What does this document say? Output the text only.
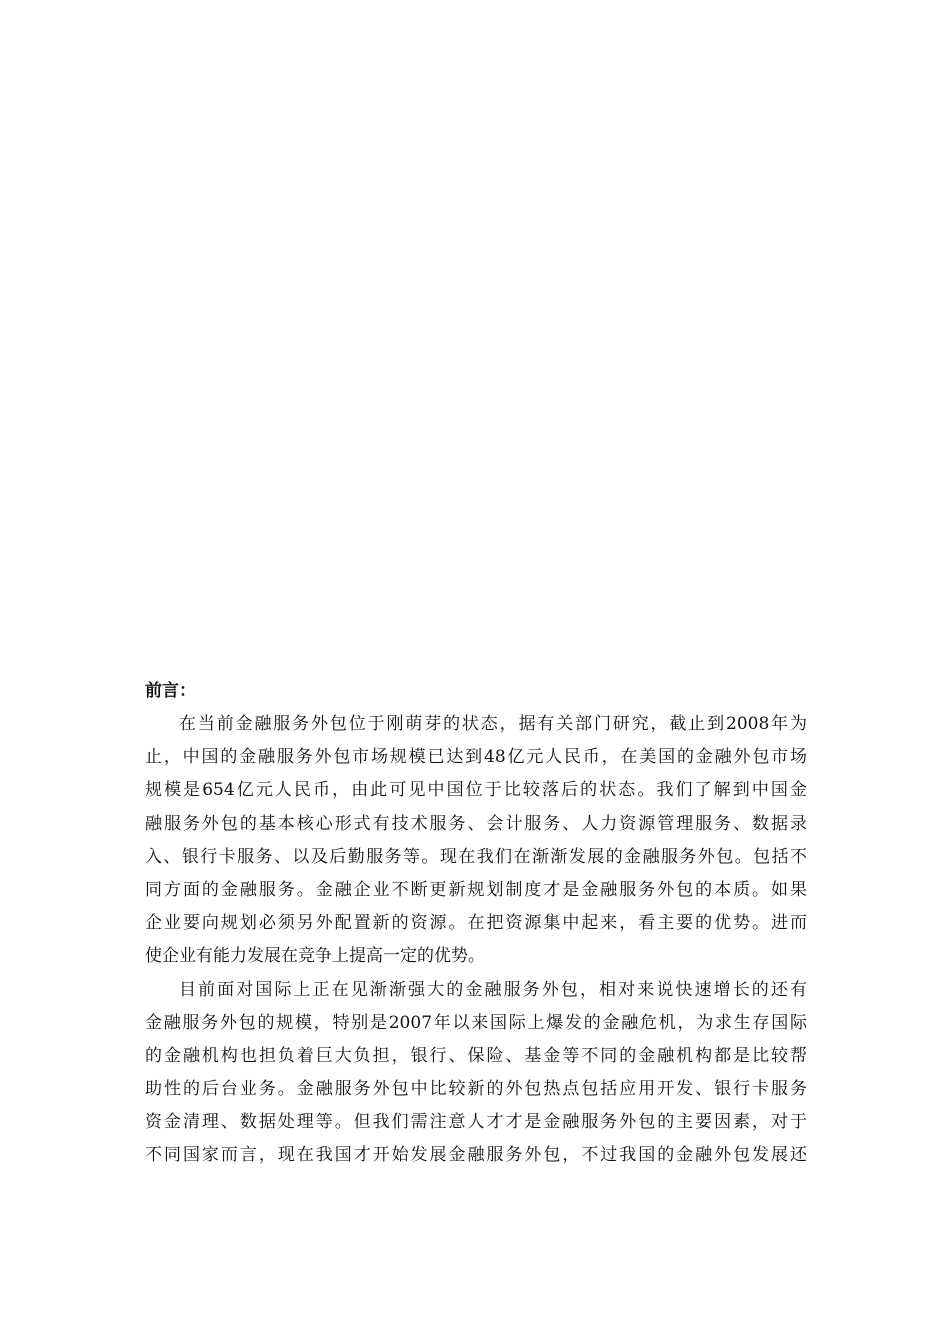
前言：
在当前金融服务外包位于刚萌芽的状态，据有关部门研究，截止到2008年为
止，中国的金融服务外包市场规模已达到48亿元人民币，在美国的金融外包市场
规模是654亿元人民币，由此可见中国位于比较落后的状态。我们了解到中国金
融服务外包的基本核心形式有技术服务、会计服务、人力资源管理服务、数据录
入、银行卡服务、以及后勤服务等。现在我们在渐渐发展的金融服务外包。包括不
同方面的金融服务。金融企业不断更新规划制度才是金融服务外包的本质。如果
企业要向规划必须另外配置新的资源。在把资源集中起来，看主要的优势。进而
使企业有能力发展在竞争上提高一定的优势。
目前面对国际上正在见渐渐强大的金融服务外包，相对来说快速增长的还有
金融服务外包的规模，特别是2007年以来国际上爆发的金融危机，为求生存国际
的金融机构也担负着巨大负担，银行、保险、基金等不同的金融机构都是比较帮
助性的后台业务。金融服务外包中比较新的外包热点包括应用开发、银行卡服务
资金清理、数据处理等。但我们需注意人才才是金融服务外包的主要因素，对于
不同国家而言，现在我国才开始发展金融服务外包，不过我国的金融外包发展还
